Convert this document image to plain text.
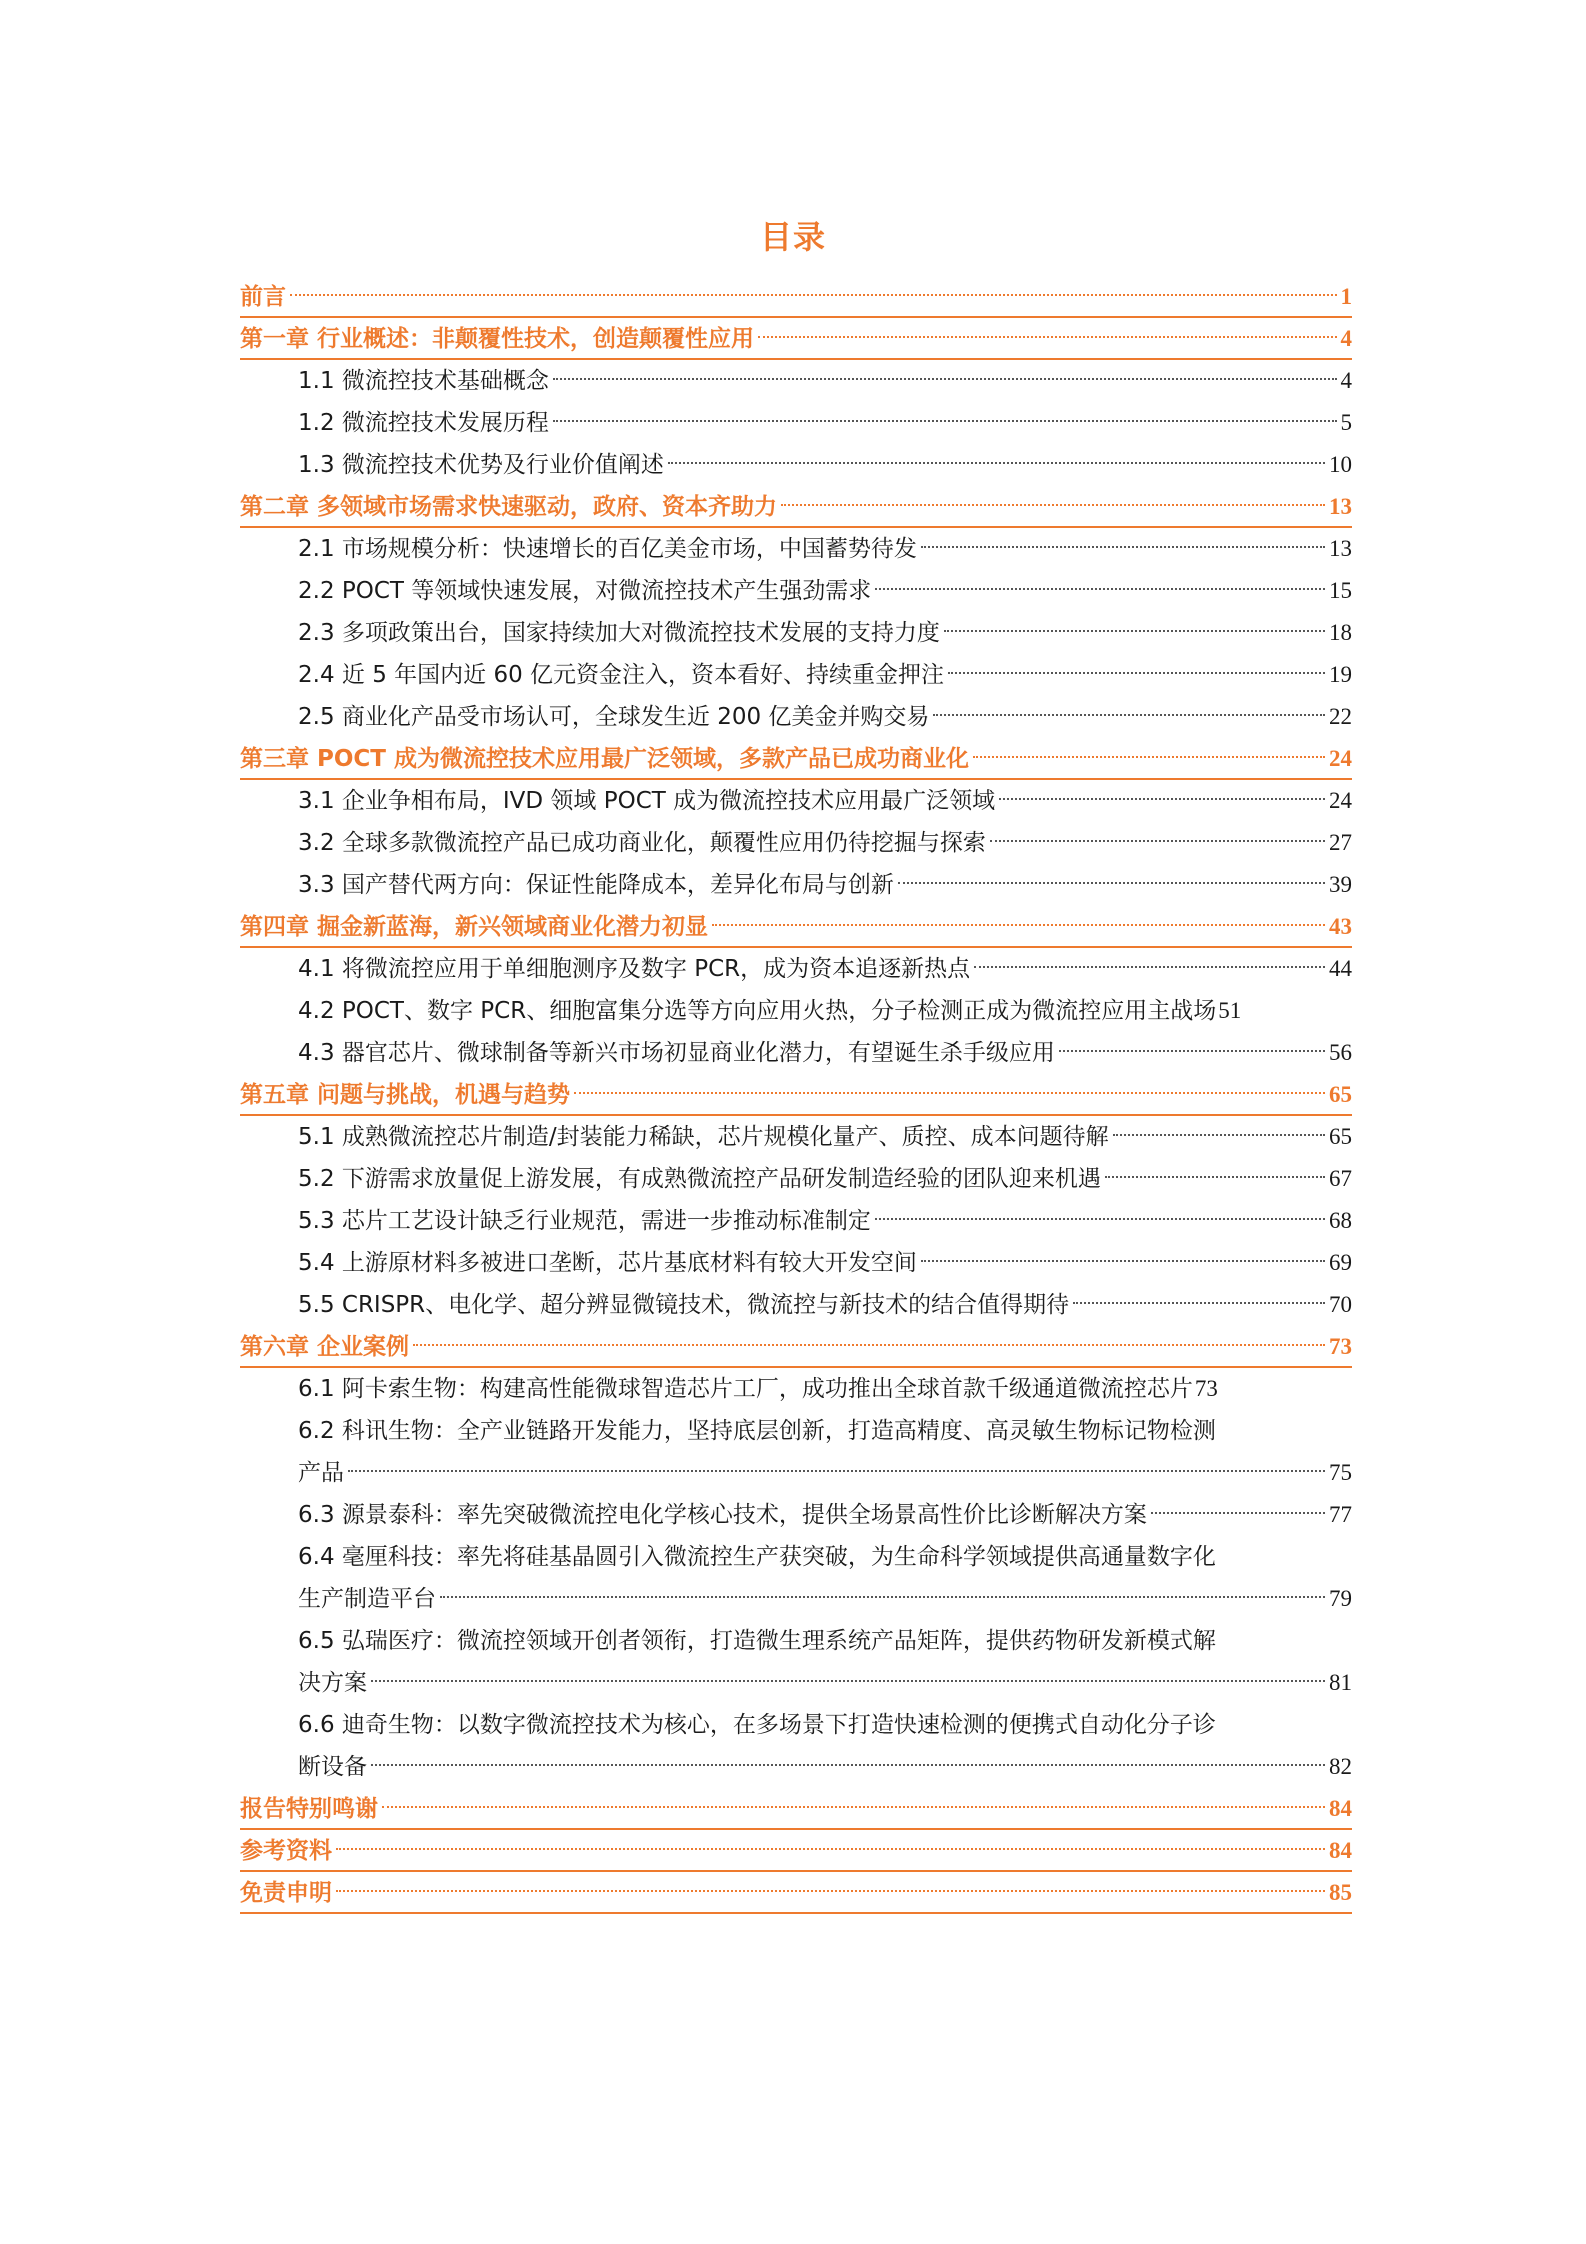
目录
前言	1
第一章 行业概述：非颠覆性技术，创造颠覆性应用	4
1.1 微流控技术基础概念	4
1.2 微流控技术发展历程	5
1.3 微流控技术优势及行业价值阐述	10
第二章 多领域市场需求快速驱动，政府、资本齐助力	13
2.1 市场规模分析：快速增长的百亿美金市场，中国蓄势待发	13
2.2 POCT 等领域快速发展，对微流控技术产生强劲需求	15
2.3 多项政策出台，国家持续加大对微流控技术发展的支持力度	18
2.4 近 5 年国内近 60 亿元资金注入，资本看好、持续重金押注	19
2.5 商业化产品受市场认可，全球发生近 200 亿美金并购交易	22
第三章 POCT 成为微流控技术应用最广泛领域，多款产品已成功商业化	24
3.1 企业争相布局，IVD 领域 POCT 成为微流控技术应用最广泛领域	24
3.2 全球多款微流控产品已成功商业化，颠覆性应用仍待挖掘与探索	27
3.3 国产替代两方向：保证性能降成本，差异化布局与创新	39
第四章 掘金新蓝海，新兴领域商业化潜力初显	43
4.1 将微流控应用于单细胞测序及数字 PCR，成为资本追逐新热点	44
4.2 POCT、数字 PCR、细胞富集分选等方向应用火热，分子检测正成为微流控应用主战场 51
4.3 器官芯片、微球制备等新兴市场初显商业化潜力，有望诞生杀手级应用	56
第五章 问题与挑战，机遇与趋势	65
5.1 成熟微流控芯片制造/封装能力稀缺，芯片规模化量产、质控、成本问题待解	65
5.2 下游需求放量促上游发展，有成熟微流控产品研发制造经验的团队迎来机遇	67
5.3 芯片工艺设计缺乏行业规范，需进一步推动标准制定	68
5.4 上游原材料多被进口垄断，芯片基底材料有较大开发空间	69
5.5 CRISPR、电化学、超分辨显微镜技术，微流控与新技术的结合值得期待	70
第六章 企业案例	73
6.1 阿卡索生物：构建高性能微球智造芯片工厂，成功推出全球首款千级通道微流控芯片 73
6.2 科讯生物：全产业链路开发能力，坚持底层创新，打造高精度、高灵敏生物标记物检测
产品	75
6.3 源景泰科：率先突破微流控电化学核心技术，提供全场景高性价比诊断解决方案	77
6.4 毫厘科技：率先将硅基晶圆引入微流控生产获突破，为生命科学领域提供高通量数字化
生产制造平台	79
6.5 弘瑞医疗：微流控领域开创者领衔，打造微生理系统产品矩阵，提供药物研发新模式解
决方案	81
6.6 迪奇生物：以数字微流控技术为核心，在多场景下打造快速检测的便携式自动化分子诊
断设备	82
报告特别鸣谢	84
参考资料	84
免责申明	85
